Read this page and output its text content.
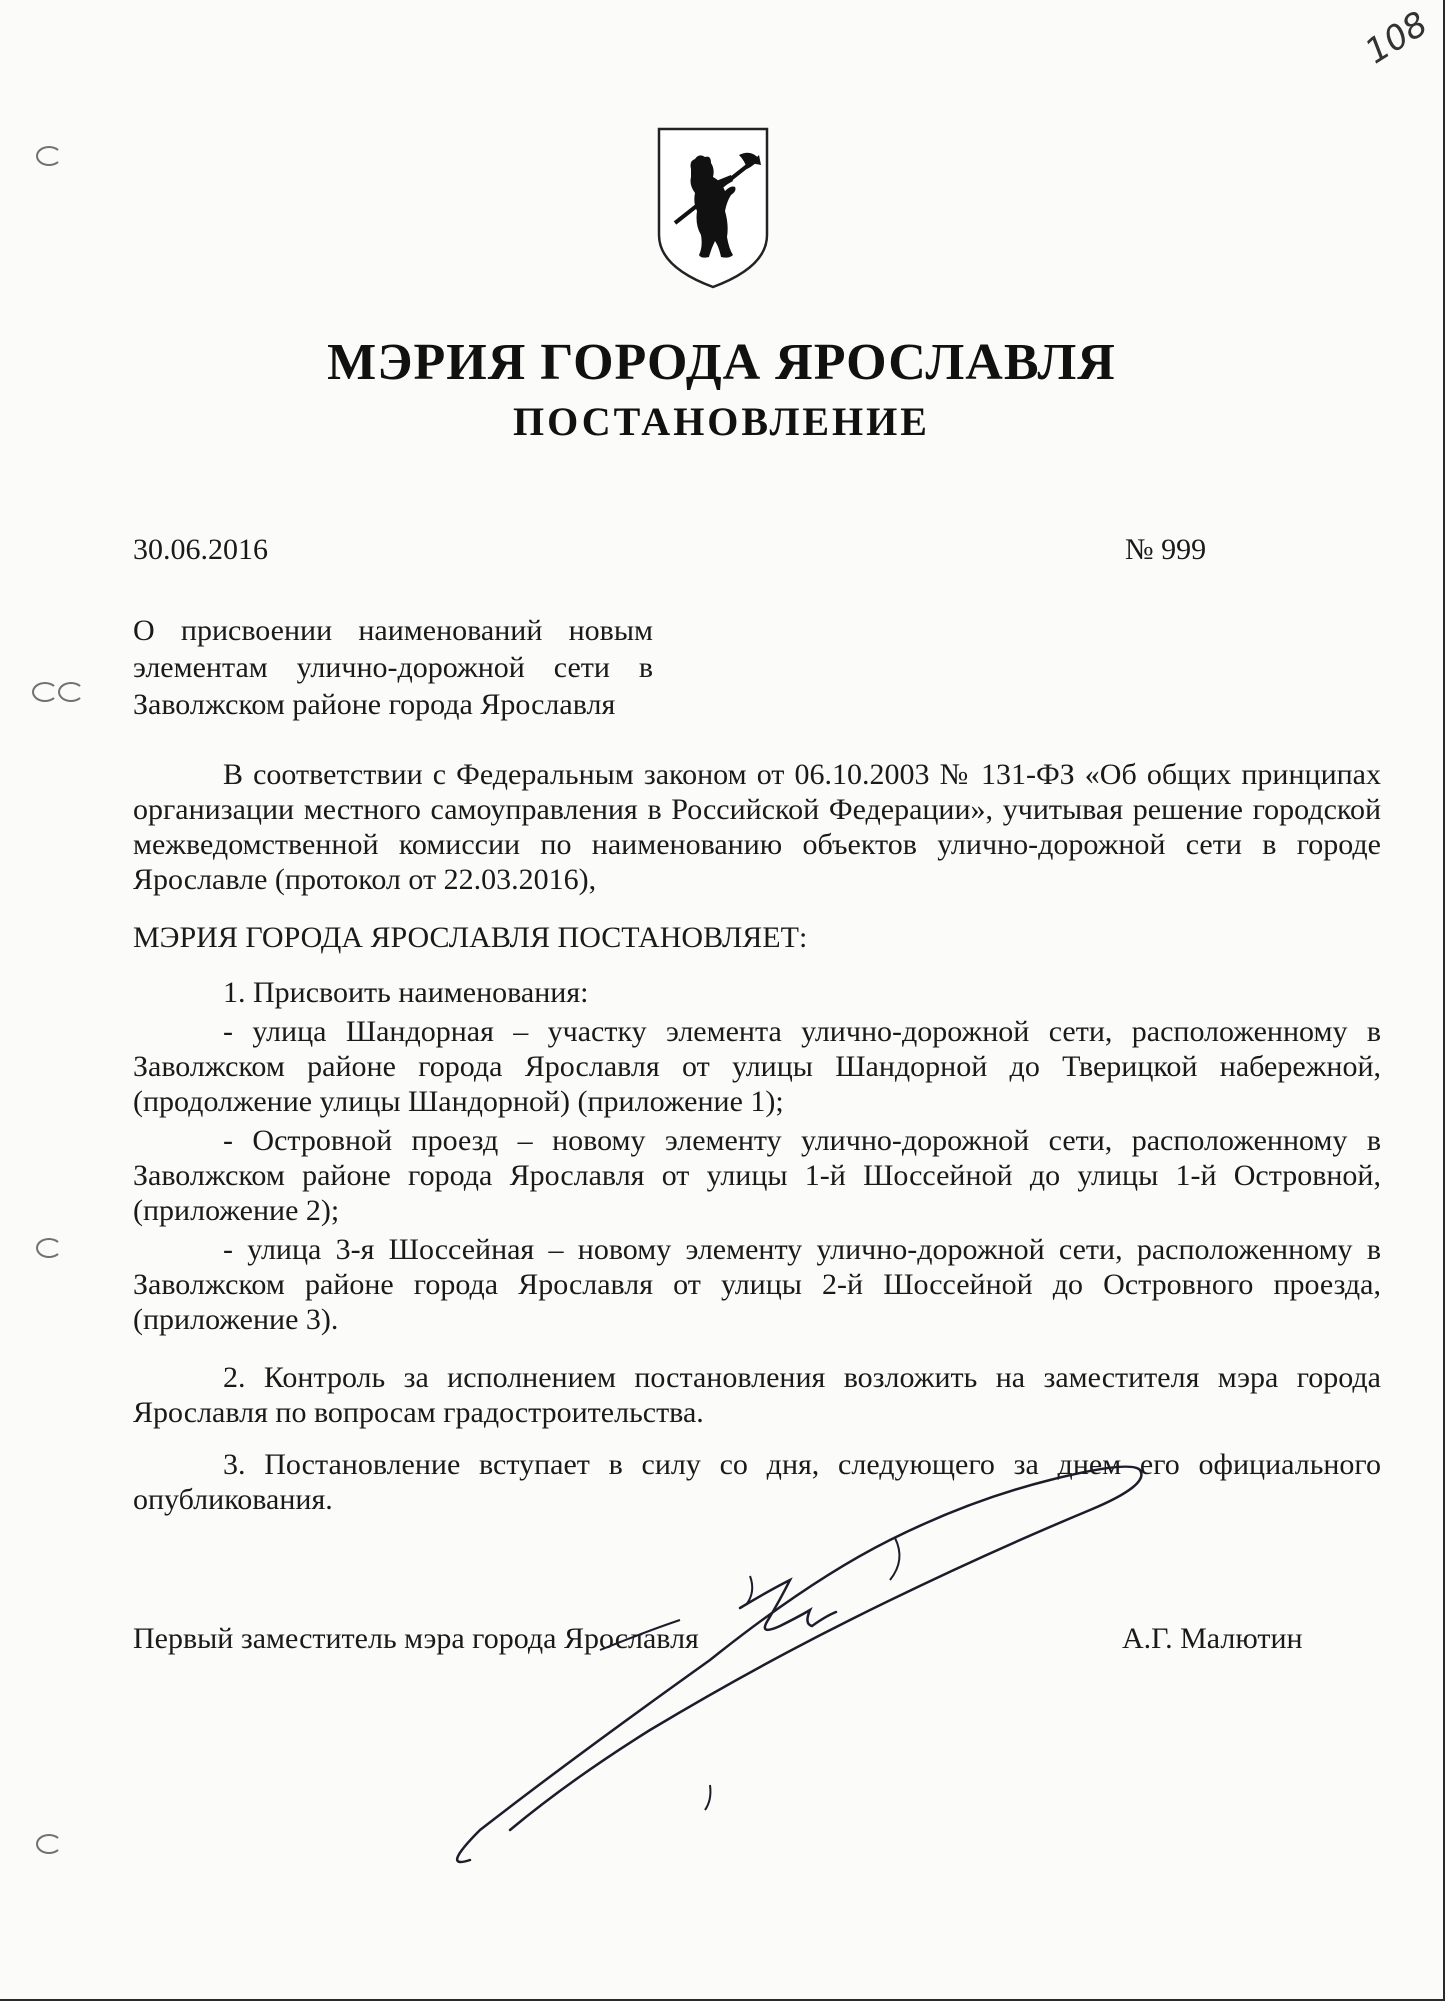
108
МЭРИЯ ГОРОДА ЯРОСЛАВЛЯ
ПОСТАНОВЛЕНИЕ
30.06.2016	№ 999
О присвоении наименований новым элементам улично-дорожной сети в Заволжском районе города Ярославля

В соответствии с Федеральным законом от 06.10.2003 № 131-ФЗ «Об общих принципах организации местного самоуправления в Российской Федерации», учитывая решение городской межведомственной комиссии по наименованию объектов улично-дорожной сети в городе Ярославле (протокол от 22.03.2016),

МЭРИЯ ГОРОДА ЯРОСЛАВЛЯ ПОСТАНОВЛЯЕТ:

1. Присвоить наименования:

- улица Шандорная – участку элемента улично-дорожной сети, расположенному в Заволжском районе города Ярославля от улицы Шандорной до Тверицкой набережной, (продолжение улицы Шандорной) (приложение 1);

- Островной проезд – новому элементу улично-дорожной сети, расположенному в Заволжском районе города Ярославля от улицы 1-й Шоссейной до улицы 1-й Островной, (приложение 2);

- улица 3-я Шоссейная – новому элементу улично-дорожной сети, расположенному в Заволжском районе города Ярославля от улицы 2-й Шоссейной до Островного проезда, (приложение 3).

2. Контроль за исполнением постановления возложить на заместителя мэра города Ярославля по вопросам градостроительства.

3. Постановление вступает в силу со дня, следующего за днем его официального опубликования.

Первый заместитель мэра города Ярославля	А.Г. Малютин
